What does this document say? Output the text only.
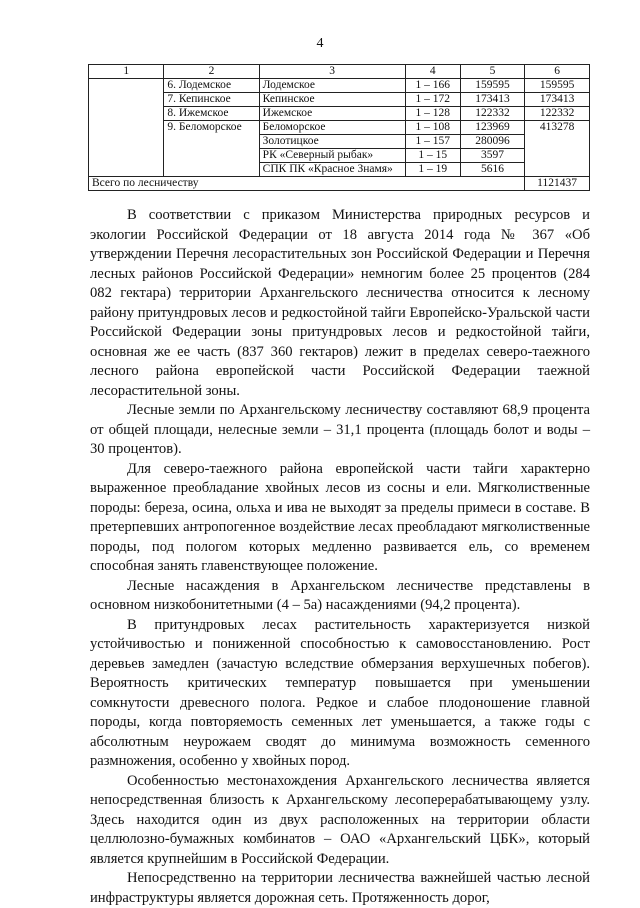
4
1	2	3	4	5	6
	6. Лодемское	Лодемское	1 – 166	159595	159595
	7. Кепинское	Кепинское	1 – 172	173413	173413
	8. Ижемское	Ижемское	1 – 128	122332	122332
	9. Беломорское	Беломорское	1 – 108	123969	413278
		Золотицкое	1 – 157	280096	
		РК «Северный рыбак»	1 – 15	3597	
		СПК ПК «Красное Знамя»	1 – 19	5616	
Всего по лесничеству					1121437

В соответствии с приказом Министерства природных ресурсов и экологии Российской Федерации от 18 августа 2014 года № 367 «Об утверждении Перечня лесорастительных зон Российской Федерации и Перечня лесных районов Российской Федерации» немногим более 25 процентов (284 082 гектара) территории Архангельского лесничества относится к лесному району притундровых лесов и редкостойной тайги Европейско-Уральской части Российской Федерации зоны притундровых лесов и редкостойной тайги, основная же ее часть (837 360 гектаров) лежит в пределах северо-таежного лесного района европейской части Российской Федерации таежной лесорастительной зоны.

Лесные земли по Архангельскому лесничеству составляют 68,9 процента от общей площади, нелесные земли – 31,1 процента (площадь болот и воды – 30 процентов).

Для северо-таежного района европейской части тайги характерно выраженное преобладание хвойных лесов из сосны и ели. Мягколиственные породы: береза, осина, ольха и ива не выходят за пределы примеси в составе. В претерпевших антропогенное воздействие лесах преобладают мягколиственные породы, под пологом которых медленно развивается ель, со временем способная занять главенствующее положение.

Лесные насаждения в Архангельском лесничестве представлены в основном низкобонитетными (4 – 5а) насаждениями (94,2 процента).

В притундровых лесах растительность характеризуется низкой устойчивостью и пониженной способностью к самовосстановлению. Рост деревьев замедлен (зачастую вследствие обмерзания верхушечных побегов). Вероятность критических температур повышается при уменьшении сомкнутости древесного полога. Редкое и слабое плодоношение главной породы, когда повторяемость семенных лет уменьшается, а также годы с абсолютным неурожаем сводят до минимума возможность семенного размножения, особенно у хвойных пород.

Особенностью местонахождения Архангельского лесничества является непосредственная близость к Архангельскому лесоперерабатывающему узлу. Здесь находится один из двух расположенных на территории области целлюлозно-бумажных комбинатов – ОАО «Архангельский ЦБК», который является крупнейшим в Российской Федерации.

Непосредственно на территории лесничества важнейшей частью лесной инфраструктуры является дорожная сеть. Протяженность дорог,
